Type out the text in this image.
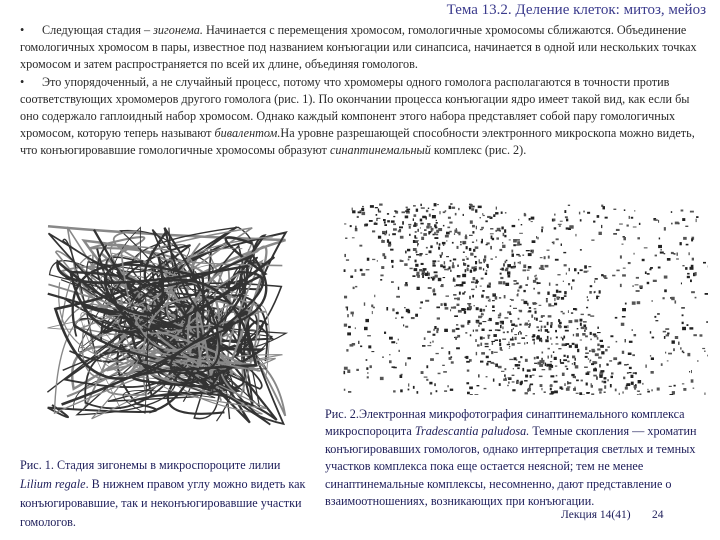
Тема 13.2. Деление клеток: митоз, мейоз

• Следующая стадия – зигонема. Начинается с перемещения хромосом, гомологичные хромосомы сближаются. Объединение гомологичных хромосом в пары, известное под названием конъюгации или синапсиса, начинается в одной или нескольких точках хромосом и затем распространяется по всей их длине, объединяя гомологов.

• Это упорядоченный, а не случайный процесс, потому что хромомеры одного гомолога располагаются в точности против соответствующих хромомеров другого гомолога (рис. 1). По окончании процесса конъюгации ядро имеет такой вид, как если бы оно содержало гаплоидный набор хромосом. Однако каждый компонент этого набора представляет собой пару гомологичных хромосом, которую теперь называют бивалентом.На уровне разрешающей способности электронного микроскопа можно видеть, что конъюгировавшие гомологичные хромосомы образуют синаптинемальный комплекс (рис. 2).

Рис. 1. Стадия зигонемы в микроспороците лилии Lilium regale. В нижнем правом углу можно видеть как конъюгировавшие, так и неконъюгировавшие участки гомологов.
Рис. 2.Электронная микрофотография синаптинемального комплекса микроспороцита Tradescantia paludosa. Темные скопления — хроматин конъюгировавших гомологов, однако интерпретация светлых и темных участков комплекса пока еще остается неясной; тем не менее синаптинемальные комплексы, несомненно, дают представление о взаимоотношениях, возникающих при конъюгации.
Лекция 14(41) 24
